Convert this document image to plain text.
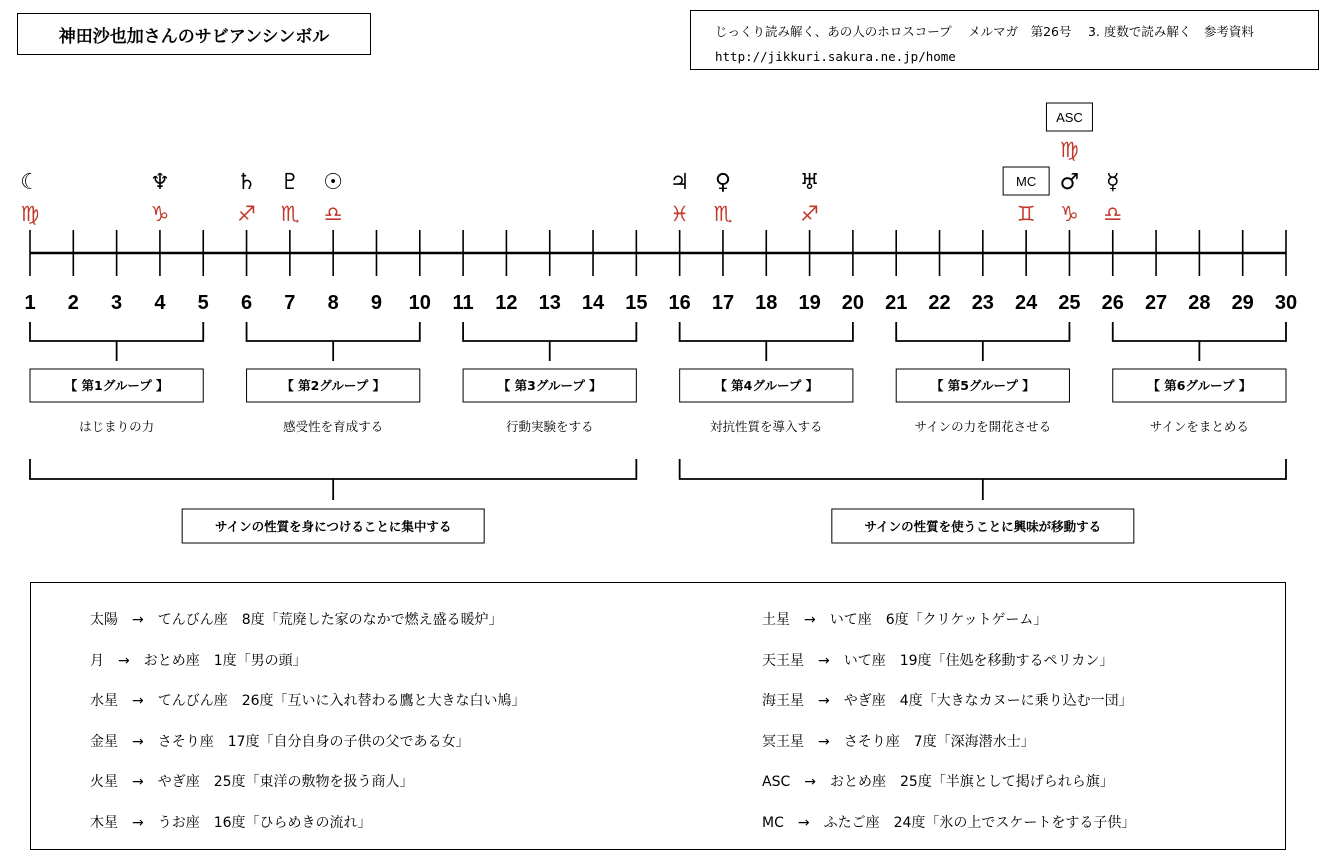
神田沙也加さんのサビアンシンボル	じっくり読み解く、あの人のホロスコープ　 メルマガ　第26号　 3. 度数で読み解く　参考資料
http://jikkuri.sakura.ne.jp/home
1 2 3 4 5 6 7 8 9 10 11 12 13 14 15 16 17 18 19 20 21 22 23 24 25 26 27 28 29 30
☾
♍
♆
♑
♄
♐
♇
♏
☉
♎
♃
♓
♀
♏
♅
♐
MC
♊
♂
♑
ASC
♍
☿
♎
【 第1グループ 】
はじまりの力
【 第2グループ 】
感受性を育成する
【 第3グループ 】
行動実験をする
【 第4グループ 】
対抗性質を導入する
【 第5グループ 】
サインの力を開花させる
【 第6グループ 】
サインをまとめる
サインの性質を身につけることに集中する	サインの性質を使うことに興味が移動する
太陽　→　てんびん座　8度「荒廃した家のなかで燃え盛る暖炉」
月　→　おとめ座　1度「男の頭」
水星　→　てんびん座　26度「互いに入れ替わる鷹と大きな白い鳩」
金星　→　さそり座　17度「自分自身の子供の父である女」
火星　→　やぎ座　25度「東洋の敷物を扱う商人」
木星　→　うお座　16度「ひらめきの流れ」
土星　→　いて座　6度「クリケットゲーム」
天王星　→　いて座　19度「住処を移動するペリカン」
海王星　→　やぎ座　4度「大きなカヌーに乗り込む一団」
冥王星　→　さそり座　7度「深海潜水士」
ASC　→　おとめ座　25度「半旗として掲げられら旗」
MC　→　ふたご座　24度「氷の上でスケートをする子供」
